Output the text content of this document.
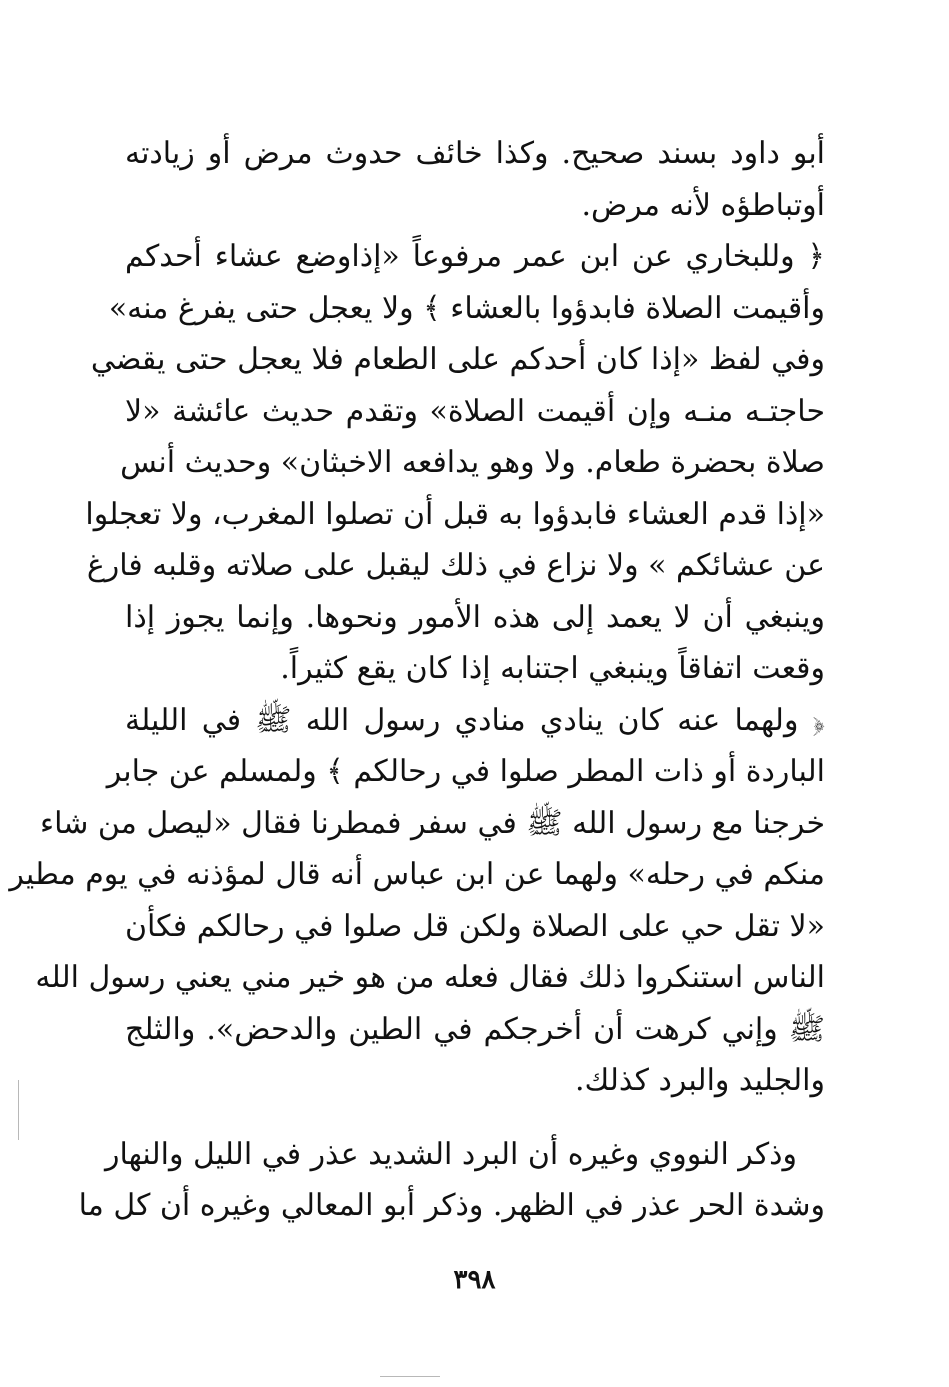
أبو داود بسند صحيح. وكذا خائف حدوث مرض أو زيادته
أوتباطؤه لأنه مرض.
﴿ وللبخاري عن ابن عمر مرفوعاً «إذاوضع عشاء أحدكم
وأقيمت الصلاة فابدؤوا بالعشاء ﴾ ولا يعجل حتى يفرغ منه»
وفي لفظ «إذا كان أحدكم على الطعام فلا يعجل حتى يقضي
حاجتـه منـه وإن أقيمت الصلاة» وتقدم حديث عائشة «لا
صلاة بحضرة طعام. ولا وهو يدافعه الاخبثان» وحديث أنس
«إذا قدم العشاء فابدؤوا به قبل أن تصلوا المغرب، ولا تعجلوا
عن عشائكم » ولا نزاع في ذلك ليقبل على صلاته وقلبه فارغ
وينبغي أن لا يعمد إلى هذه الأمور ونحوها. وإنما يجوز إذا
وقعت اتفاقاً وينبغي اجتنابه إذا كان يقع كثيراً.
﴿ ولهما عنه كان ينادي منادي رسول الله ﷺ في الليلة
الباردة أو ذات المطر صلوا في رحالكم ﴾ ولمسلم عن جابر
خرجنا مع رسول الله ﷺ في سفر فمطرنا فقال «ليصل من شاء
منكم في رحله» ولهما عن ابن عباس أنه قال لمؤذنه في يوم مطير
«لا تقل حي على الصلاة ولكن قل صلوا في رحالكم فكأن
الناس استنكروا ذلك فقال فعله من هو خير مني يعني رسول الله
ﷺ وإني كرهت أن أخرجكم في الطين والدحض». والثلج
والجليد والبرد كذلك.
وذكر النووي وغيره أن البرد الشديد عذر في الليل والنهار
وشدة الحر عذر في الظهر. وذكر أبو المعالي وغيره أن كل ما
٣٩٨
